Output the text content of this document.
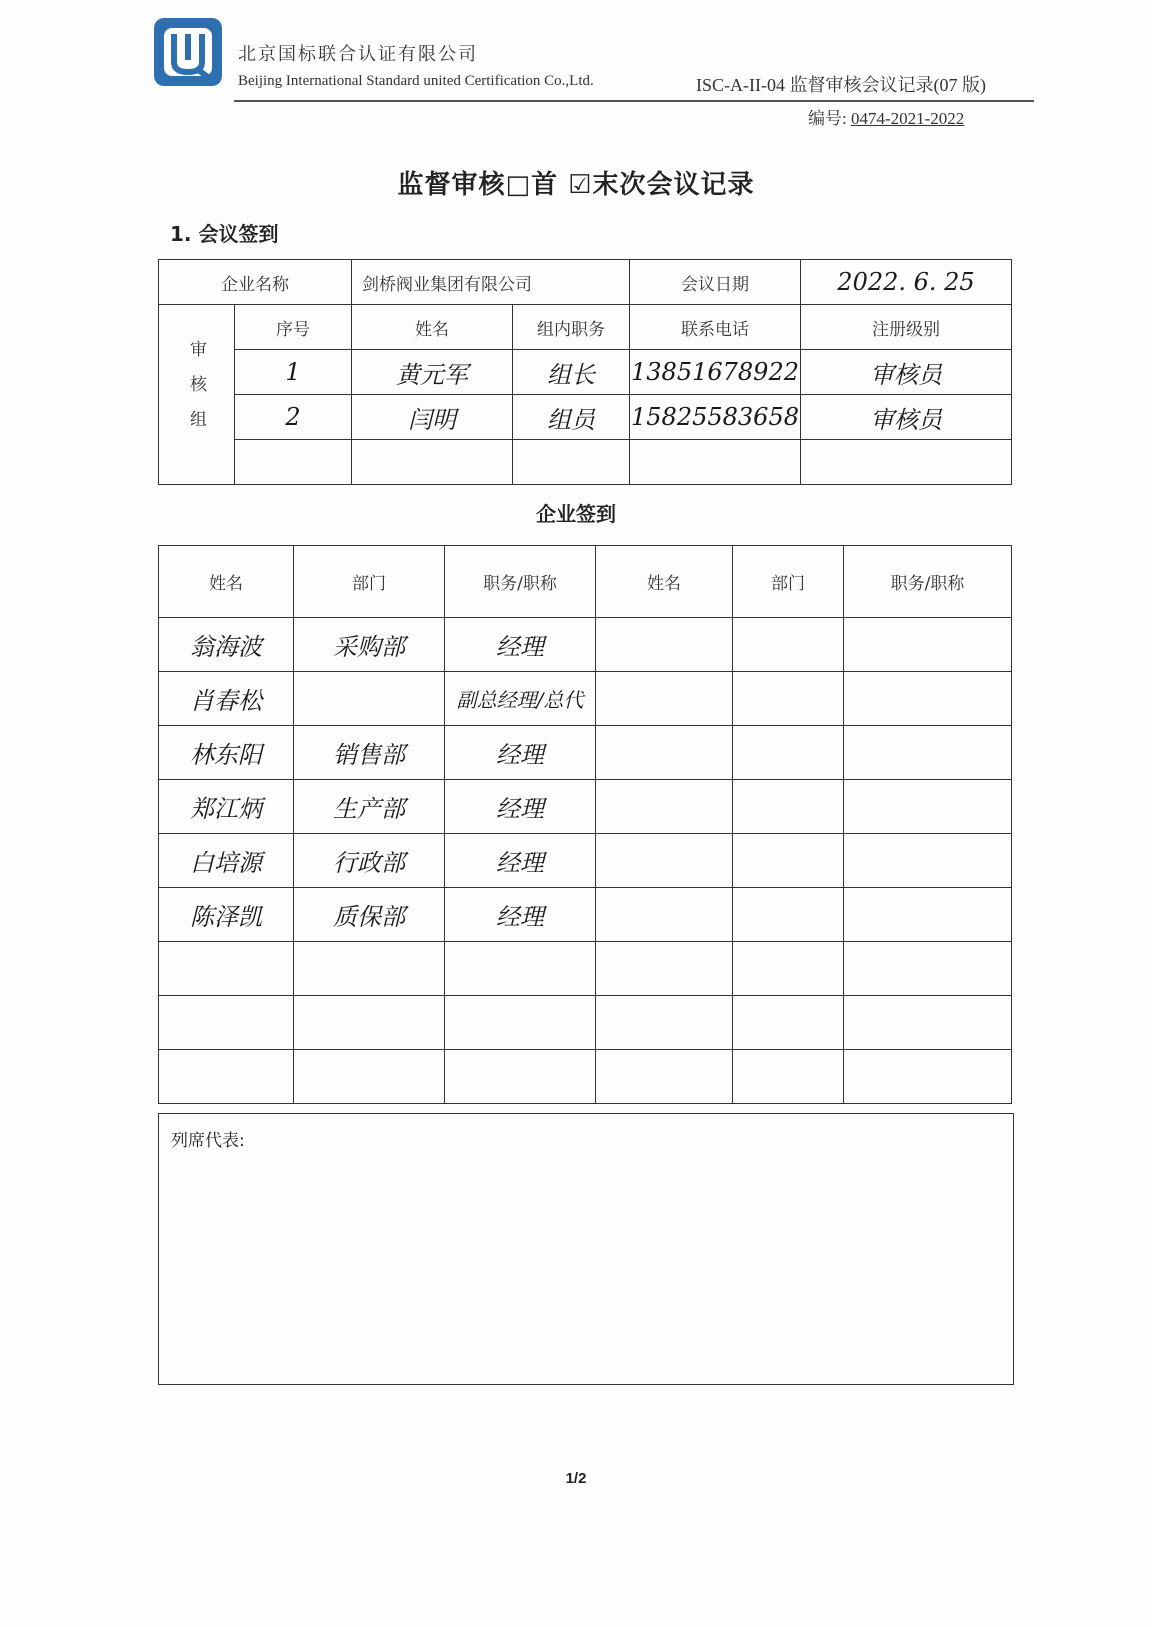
北京国标联合认证有限公司
Beijing International Standard united Certification Co.,Ltd.	ISC-A-II-04 监督审核会议记录(07 版)
编号: 0474-2021-2022
监督审核□首 ☑末次会议记录
1. 会议签到
企业名称		剑桥阀业集团有限公司		会议日期	2022. 6. 25
审核组	序号	姓名	组内职务	联系电话	注册级别
	1	黄元军	组长	13851678922	审核员
	2	闫明	组员	15825583658	审核员

企业签到
姓名	部门	职务/职称	姓名	部门	职务/职称
翁海波	采购部	经理			
肖春松		副总经理/总代			
林东阳	销售部	经理			
郑江炳	生产部	经理			
白培源	行政部	经理			
陈泽凯	质保部	经理			

列席代表:
1/2
